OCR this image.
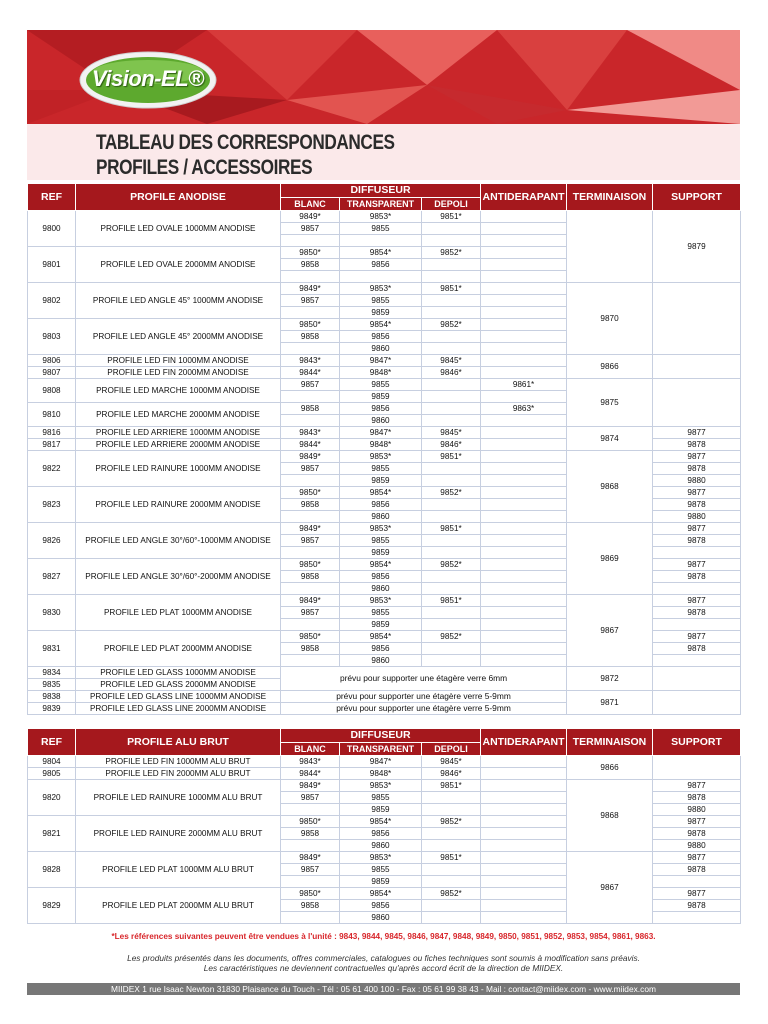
Vision-EL®
TABLEAU DES CORRESPONDANCES
PROFILES / ACCESSOIRES
REF	PROFILE ANODISE	DIFFUSEUR			ANTIDERAPANT	TERMINAISON	SUPPORT
		BLANC	TRANSPARENT	DEPOLI			
9800	PROFILE LED OVALE 1000MM ANODISE	9849*	9853*	9851*			9879
		9857	9855				

9801	PROFILE LED OVALE 2000MM ANODISE	9850*	9854*	9852*			
		9858	9856				

9802	PROFILE LED ANGLE 45° 1000MM ANODISE	9849*	9853*	9851*		9870	
		9857	9855				
			9859				
9803	PROFILE LED ANGLE 45° 2000MM ANODISE	9850*	9854*	9852*			
		9858	9856				
			9860				
9806	PROFILE LED FIN 1000MM ANODISE	9843*	9847*	9845*		9866	
9807	PROFILE LED FIN 2000MM ANODISE	9844*	9848*	9846*			
9808	PROFILE LED MARCHE 1000MM ANODISE	9857	9855		9861*	9875	
			9859				
9810	PROFILE LED MARCHE 2000MM ANODISE	9858	9856		9863*		
			9860				
9816	PROFILE LED ARRIERE 1000MM ANODISE	9843*	9847*	9845*		9874	9877
9817	PROFILE LED ARRIERE 2000MM ANODISE	9844*	9848*	9846*			9878
9822	PROFILE LED RAINURE 1000MM ANODISE	9849*	9853*	9851*		9868	9877
		9857	9855				9878
			9859				9880
9823	PROFILE LED RAINURE 2000MM ANODISE	9850*	9854*	9852*			9877
		9858	9856				9878
			9860				9880
9826	PROFILE LED ANGLE 30°/60°-1000MM ANODISE	9849*	9853*	9851*		9869	9877
		9857	9855				9878
			9859				
9827	PROFILE LED ANGLE 30°/60°-2000MM ANODISE	9850*	9854*	9852*			9877
		9858	9856				9878
			9860				
9830	PROFILE LED PLAT 1000MM ANODISE	9849*	9853*	9851*		9867	9877
		9857	9855				9878
			9859				
9831	PROFILE LED PLAT 2000MM ANODISE	9850*	9854*	9852*			9877
		9858	9856				9878
			9860				
9834	PROFILE LED GLASS 1000MM ANODISE	prévu pour supporter une étagère verre 6mm				9872	
9835	PROFILE LED GLASS 2000MM ANODISE						
9838	PROFILE LED GLASS LINE 1000MM ANODISE	prévu pour supporter une étagère verre 5-9mm				9871	
9839	PROFILE LED GLASS LINE 2000MM ANODISE	prévu pour supporter une étagère verre 5-9mm					
REF	PROFILE ALU BRUT	DIFFUSEUR			ANTIDERAPANT	TERMINAISON	SUPPORT
		BLANC	TRANSPARENT	DEPOLI			
9804	PROFILE LED FIN 1000MM ALU BRUT	9843*	9847*	9845*		9866	
9805	PROFILE LED FIN 2000MM ALU BRUT	9844*	9848*	9846*			
9820	PROFILE LED RAINURE 1000MM ALU BRUT	9849*	9853*	9851*		9868	9877
		9857	9855				9878
			9859				9880
9821	PROFILE LED RAINURE 2000MM ALU BRUT	9850*	9854*	9852*			9877
		9858	9856				9878
			9860				9880
9828	PROFILE LED PLAT 1000MM ALU BRUT	9849*	9853*	9851*		9867	9877
		9857	9855				9878
			9859				
9829	PROFILE LED PLAT 2000MM ALU BRUT	9850*	9854*	9852*			9877
		9858	9856				9878
			9860				
*Les références suivantes peuvent être vendues à l'unité : 9843, 9844, 9845, 9846, 9847, 9848, 9849, 9850, 9851, 9852, 9853, 9854, 9861, 9863.
Les produits présentés dans les documents, offres commerciales, catalogues ou fiches techniques sont soumis à modification sans préavis.
Les caractéristiques ne deviennent contractuelles qu'après accord écrit de la direction de MIIDEX.
MIIDEX 1 rue Isaac Newton 31830 Plaisance du Touch - Tél : 05 61 400 100 - Fax : 05 61 99 38 43 - Mail : contact@miidex.com - www.miidex.com
